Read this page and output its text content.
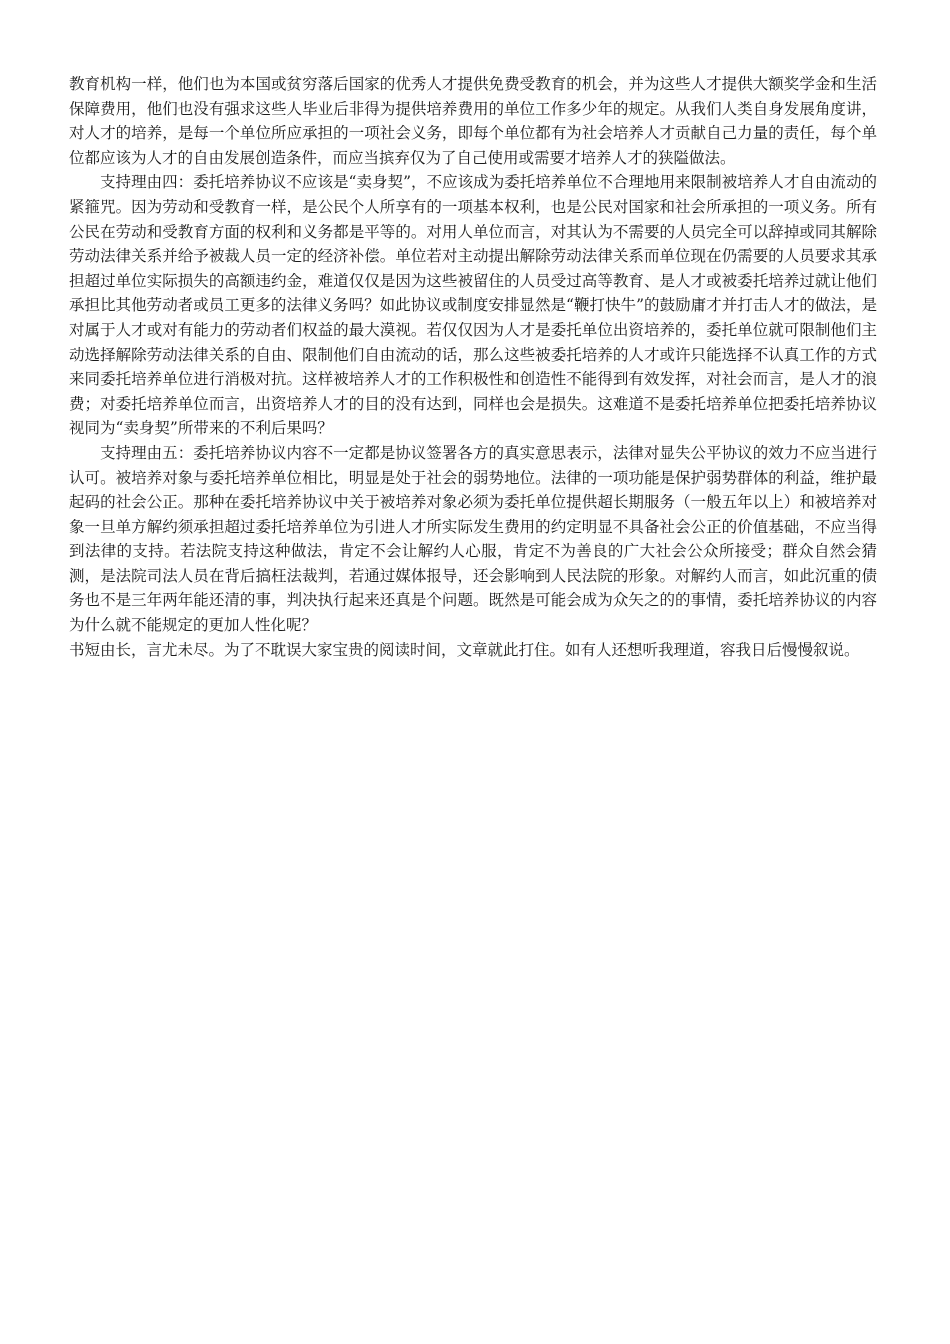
教育机构一样，他们也为本国或贫穷落后国家的优秀人才提供免费受教育的机会，并为这些人才提供大额奖学金和生活保障费用，他们也没有强求这些人毕业后非得为提供培养费用的单位工作多少年的规定。从我们人类自身发展角度讲，对人才的培养，是每一个单位所应承担的一项社会义务，即每个单位都有为社会培养人才贡献自己力量的责任，每个单位都应该为人才的自由发展创造条件，而应当摈弃仅为了自己使用或需要才培养人才的狭隘做法。

支持理由四：委托培养协议不应该是“卖身契”，不应该成为委托培养单位不合理地用来限制被培养人才自由流动的紧箍咒。因为劳动和受教育一样，是公民个人所享有的一项基本权利，也是公民对国家和社会所承担的一项义务。所有公民在劳动和受教育方面的权利和义务都是平等的。对用人单位而言，对其认为不需要的人员完全可以辞掉或同其解除劳动法律关系并给予被裁人员一定的经济补偿。单位若对主动提出解除劳动法律关系而单位现在仍需要的人员要求其承担超过单位实际损失的高额违约金，难道仅仅是因为这些被留住的人员受过高等教育、是人才或被委托培养过就让他们承担比其他劳动者或员工更多的法律义务吗？如此协议或制度安排显然是“鞭打快牛”的鼓励庸才并打击人才的做法，是对属于人才或对有能力的劳动者们权益的最大漠视。若仅仅因为人才是委托单位出资培养的，委托单位就可限制他们主动选择解除劳动法律关系的自由、限制他们自由流动的话，那么这些被委托培养的人才或许只能选择不认真工作的方式来同委托培养单位进行消极对抗。这样被培养人才的工作积极性和创造性不能得到有效发挥，对社会而言，是人才的浪费；对委托培养单位而言，出资培养人才的目的没有达到，同样也会是损失。这难道不是委托培养单位把委托培养协议视同为“卖身契”所带来的不利后果吗？

支持理由五：委托培养协议内容不一定都是协议签署各方的真实意思表示，法律对显失公平协议的效力不应当进行认可。被培养对象与委托培养单位相比，明显是处于社会的弱势地位。法律的一项功能是保护弱势群体的利益，维护最起码的社会公正。那种在委托培养协议中关于被培养对象必须为委托单位提供超长期服务（一般五年以上）和被培养对象一旦单方解约须承担超过委托培养单位为引进人才所实际发生费用的约定明显不具备社会公正的价值基础，不应当得到法律的支持。若法院支持这种做法，肯定不会让解约人心服，肯定不为善良的广大社会公众所接受；群众自然会猜测，是法院司法人员在背后搞枉法裁判，若通过媒体报导，还会影响到人民法院的形象。对解约人而言，如此沉重的债务也不是三年两年能还清的事，判决执行起来还真是个问题。既然是可能会成为众矢之的的事情，委托培养协议的内容为什么就不能规定的更加人性化呢？

书短由长，言尤未尽。为了不耽误大家宝贵的阅读时间，文章就此打住。如有人还想听我理道，容我日后慢慢叙说。
